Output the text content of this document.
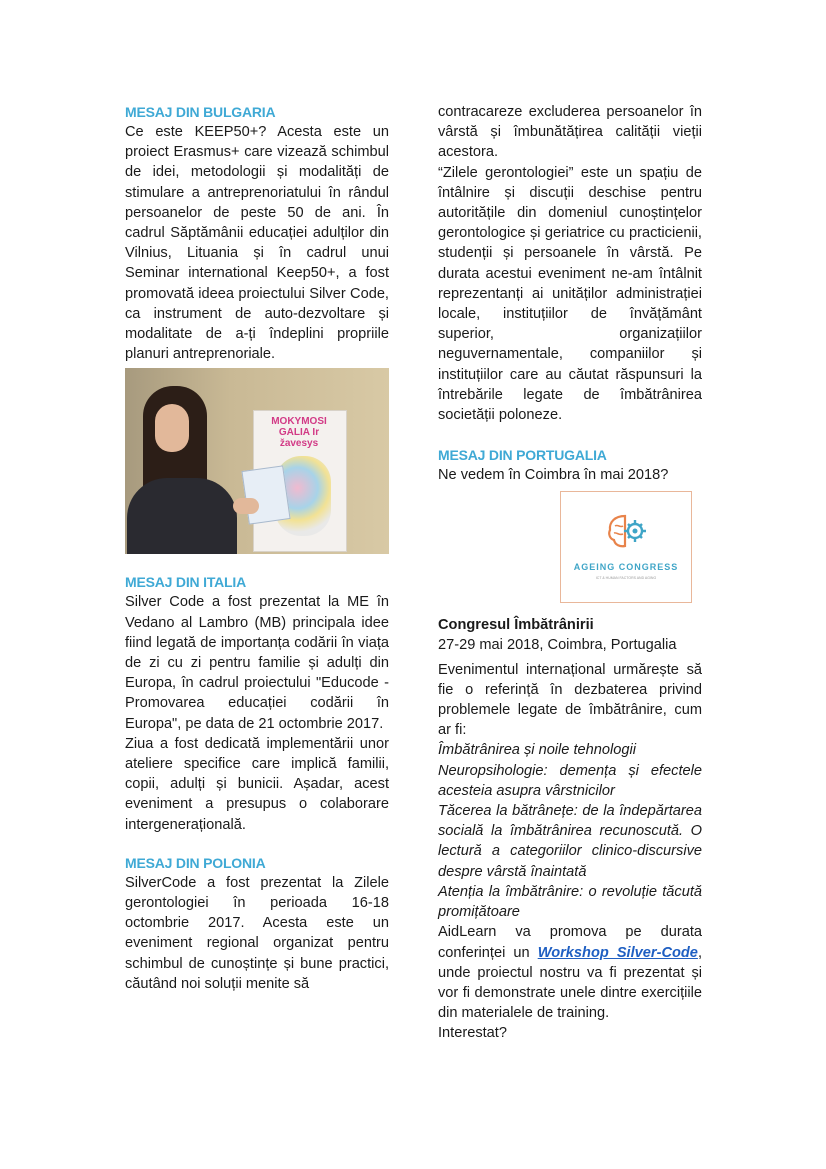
MESAJ DIN BULGARIA

Ce este KEEP50+? Acesta este un proiect Erasmus+ care vizează schimbul de idei, metodologii și modalități de stimulare a antreprenoriatului în rândul persoanelor de peste 50 de ani. În cadrul Săptămânii educației adulților din Vilnius, Lituania și în cadrul unui Seminar international Keep50+, a fost promovată ideea proiectului Silver Code, ca instrument de auto-dezvoltare și modalitate de a-ți îndeplini propriile planuri antreprenoriale.

MOKYMOSI GALIA Ir žavesys

MESAJ DIN ITALIA

Silver Code a fost prezentat la ME în Vedano al Lambro (MB) principala idee fiind legată de importanța codării în viața de zi cu zi pentru familie și adulți din Europa, în cadrul proiectului "Educode - Promovarea educației codării în Europa", pe data de 21 octombrie 2017.

Ziua a fost dedicată implementării unor ateliere specifice care implică familii, copii, adulți și bunicii. Așadar, acest eveniment a presupus o colaborare intergenerațională.

MESAJ DIN POLONIA

SilverCode a fost prezentat la Zilele gerontologiei în perioada 16-18 octombrie 2017. Acesta este un eveniment regional organizat pentru schimbul de cunoștințe și bune practici, căutând noi soluții menite să

contracareze excluderea persoanelor în vârstă și îmbunătățirea calității vieții acestora.

“Zilele gerontologiei” este un spațiu de întâlnire și discuții deschise pentru autoritățile din domeniul cunoștințelor gerontologice și geriatrice cu practicienii, studenții și persoanele în vârstă. Pe durata acestui eveniment ne-am întâlnit reprezentanți ai unităților administrației locale, instituțiilor de învățământ superior, organizațiilor neguvernamentale, companiilor și instituțiilor care au căutat răspunsuri la întrebările legate de îmbătrânirea societății poloneze.

MESAJ DIN PORTUGALIA

Ne vedem în Coimbra în mai 2018?

AGEING CONGRESS
ICT & HUMAN FACTORS AND AGING

Congresul Îmbătrânirii

27-29 mai 2018, Coimbra, Portugalia

Evenimentul internațional urmărește să fie o referință în dezbaterea privind problemele legate de îmbătrânire, cum ar fi:

Îmbătrânirea și noile tehnologii

Neuropsihologie: demența și efectele acesteia asupra vârstnicilor

Tăcerea la bătrânețe: de la îndepărtarea socială la îmbătrânirea recunoscută. O lectură a categoriilor clinico-discursive despre vârstă înaintată

Atenția la îmbătrânire: o revoluție tăcută promițătoare

AidLearn va promova pe durata conferinței un Workshop Silver-Code, unde proiectul nostru va fi prezentat și vor fi demonstrate unele dintre exercițiile din materialele de training.

Interestat?
